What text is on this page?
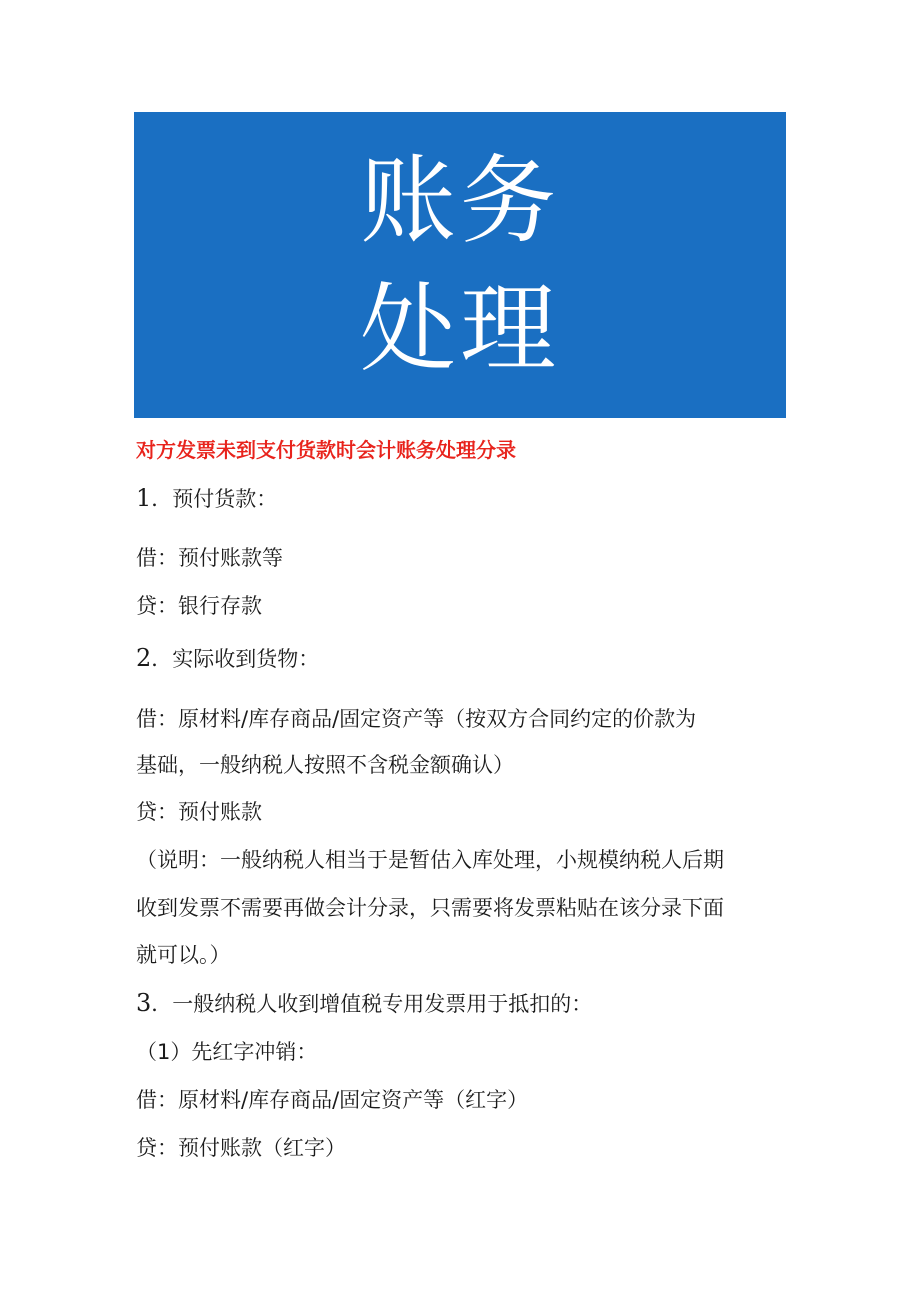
账务
处理
对方发票未到支付货款时会计账务处理分录
1．预付货款：
借：预付账款等
贷：银行存款
2．实际收到货物：
借：原材料/库存商品/固定资产等（按双方合同约定的价款为
基础，一般纳税人按照不含税金额确认）
贷：预付账款
（说明：一般纳税人相当于是暂估入库处理，小规模纳税人后期
收到发票不需要再做会计分录，只需要将发票粘贴在该分录下面
就可以。）
3．一般纳税人收到增值税专用发票用于抵扣的：
（1）先红字冲销：
借：原材料/库存商品/固定资产等（红字）
贷：预付账款（红字）
